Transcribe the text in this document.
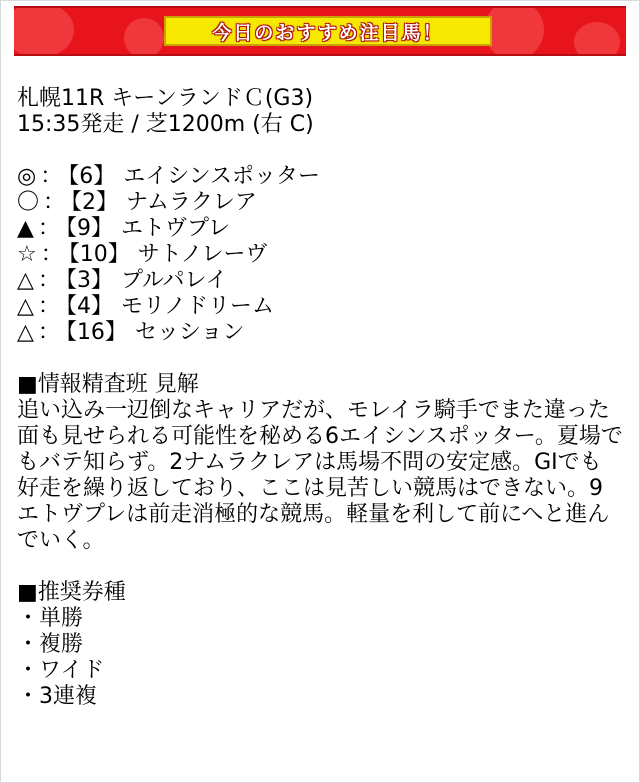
今日のおすすめ注目馬！
札幌11R キーンランドＣ(G3)
15:35発走 / 芝1200m (右 C)
◎ ： 【6】 エイシンスポッター
〇 ： 【2】 ナムラクレア
▲ ： 【9】 エトヴプレ
☆ ： 【10】 サトノレーヴ
△ ： 【3】 プルパレイ
△ ： 【4】 モリノドリーム
△ ： 【16】 セッション
■情報精査班 見解
追い込み一辺倒なキャリアだが、モレイラ騎手でまた違った面も見せられる可能性を秘める6エイシンスポッター。夏場でもバテ知らず。2ナムラクレアは馬場不問の安定感。GIでも好走を繰り返しており、ここは見苦しい競馬はできない。9エトヴプレは前走消極的な競馬。軽量を利して前にへと進んでいく。
■推奨券種
・単勝
・複勝
・ワイド
・3連複
